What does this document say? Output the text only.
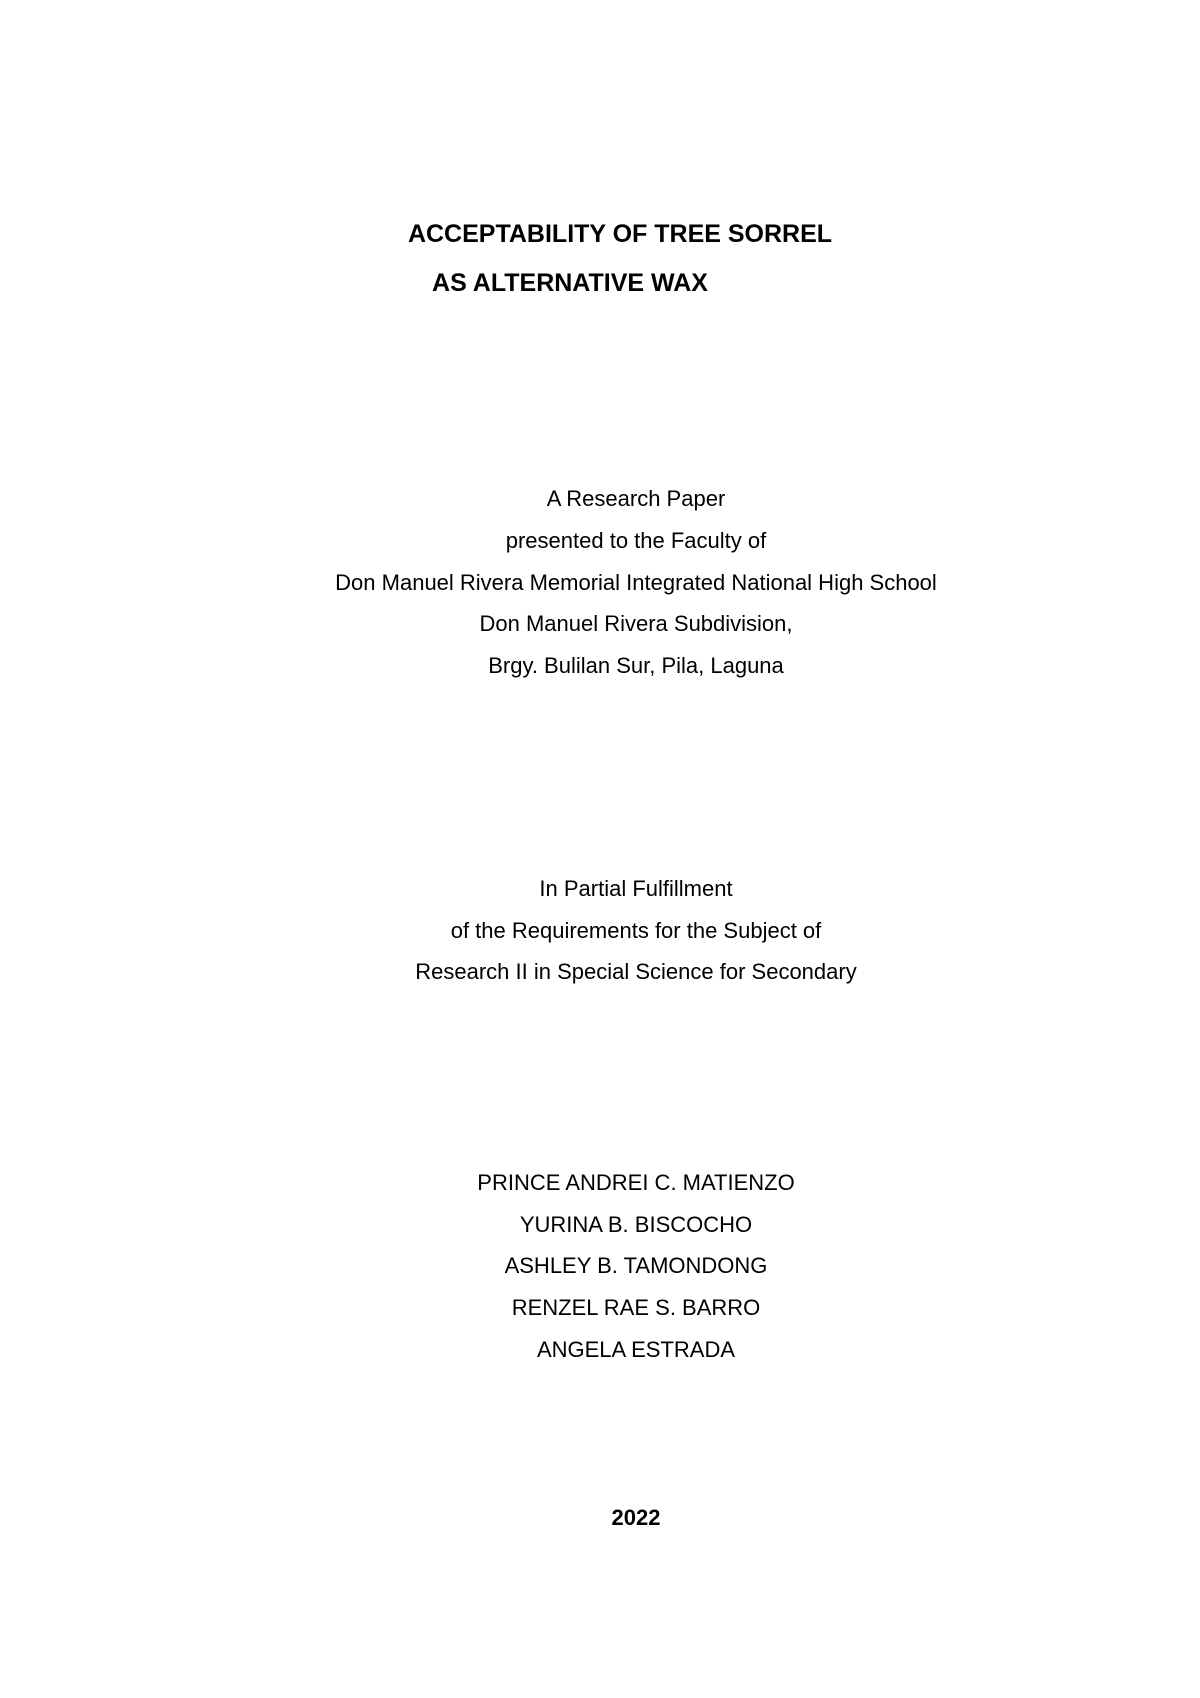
ACCEPTABILITY OF TREE SORREL
AS ALTERNATIVE WAX
A Research Paper
presented to the Faculty of
Don Manuel Rivera Memorial Integrated National High School
Don Manuel Rivera Subdivision,
Brgy. Bulilan Sur, Pila, Laguna
In Partial Fulfillment
of the Requirements for the Subject of
Research II in Special Science for Secondary
PRINCE ANDREI C. MATIENZO
YURINA B. BISCOCHO
ASHLEY B. TAMONDONG
RENZEL RAE S. BARRO
ANGELA ESTRADA
2022
